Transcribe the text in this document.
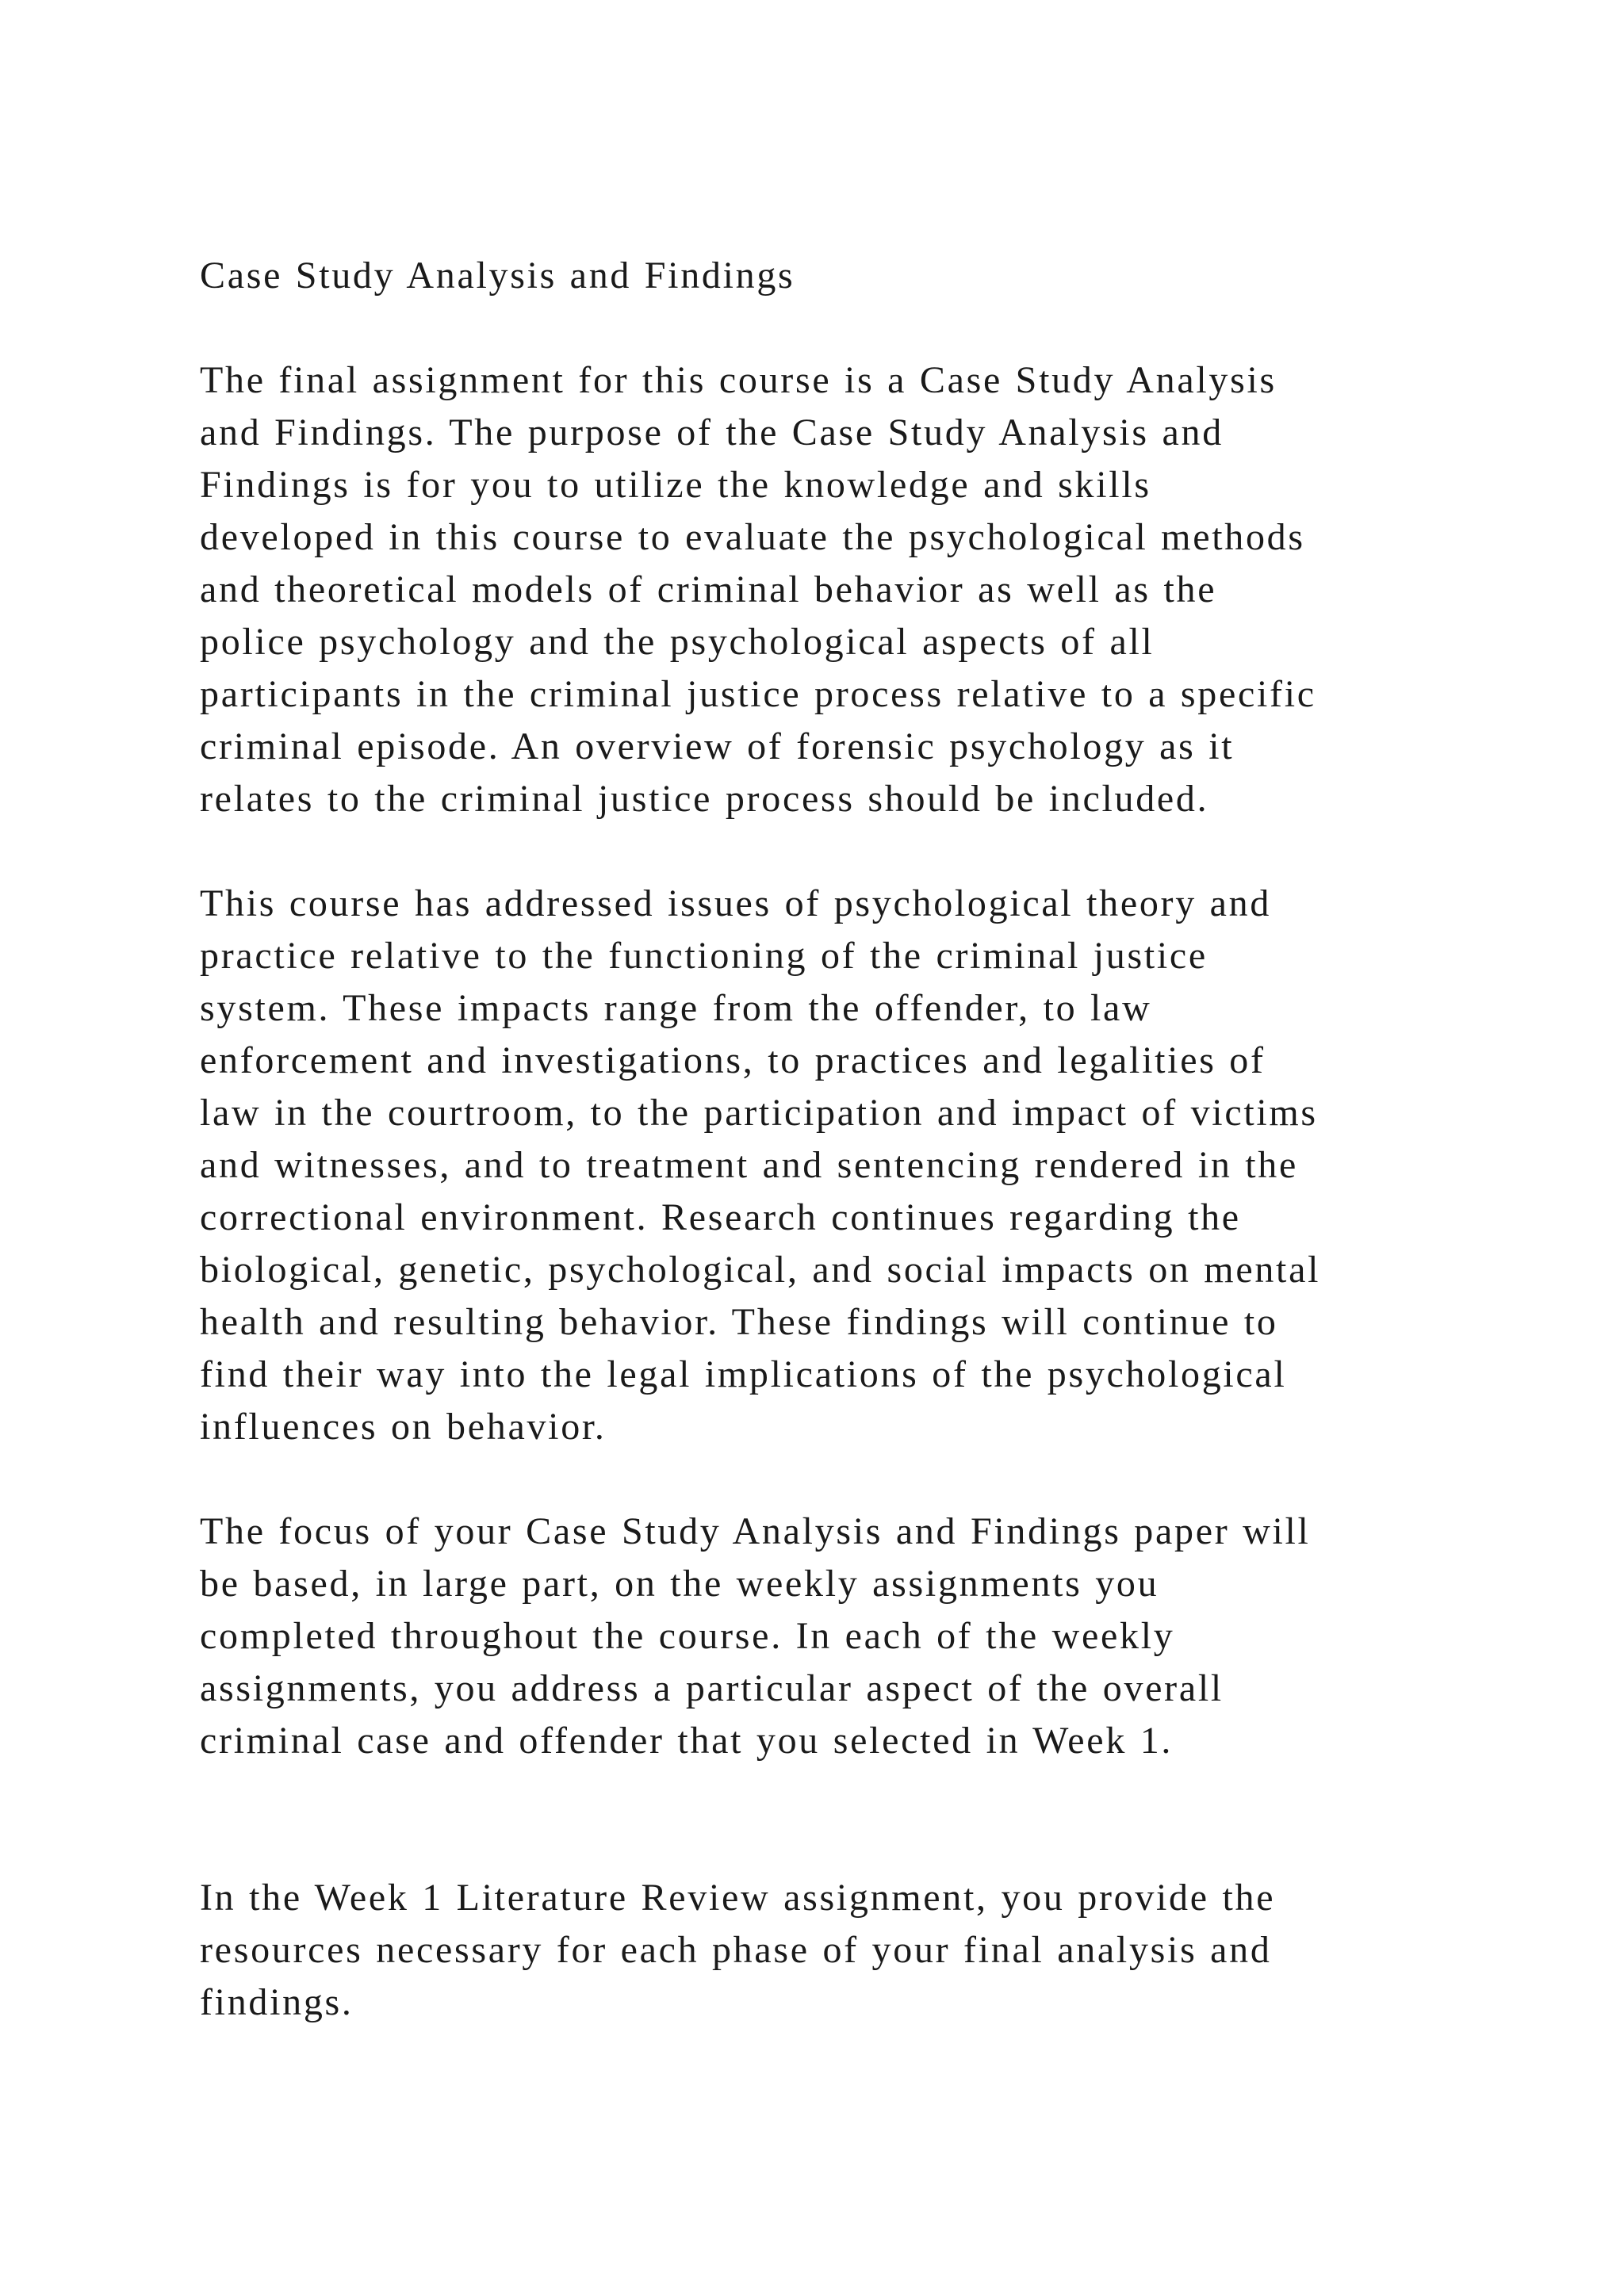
Case Study Analysis and Findings
The final assignment for this course is a Case Study Analysis
and Findings. The purpose of the Case Study Analysis and
Findings is for you to utilize the knowledge and skills
developed in this course to evaluate the psychological methods
and theoretical models of criminal behavior as well as the
police psychology and the psychological aspects of all
participants in the criminal justice process relative to a specific
criminal episode. An overview of forensic psychology as it
relates to the criminal justice process should be included.
This course has addressed issues of psychological theory and
practice relative to the functioning of the criminal justice
system. These impacts range from the offender, to law
enforcement and investigations, to practices and legalities of
law in the courtroom, to the participation and impact of victims
and witnesses, and to treatment and sentencing rendered in the
correctional environment. Research continues regarding the
biological, genetic, psychological, and social impacts on mental
health and resulting behavior. These findings will continue to
find their way into the legal implications of the psychological
influences on behavior.
The focus of your Case Study Analysis and Findings paper will
be based, in large part, on the weekly assignments you
completed throughout the course. In each of the weekly
assignments, you address a particular aspect of the overall
criminal case and offender that you selected in Week 1.
In the Week 1 Literature Review assignment, you provide the
resources necessary for each phase of your final analysis and
findings.
